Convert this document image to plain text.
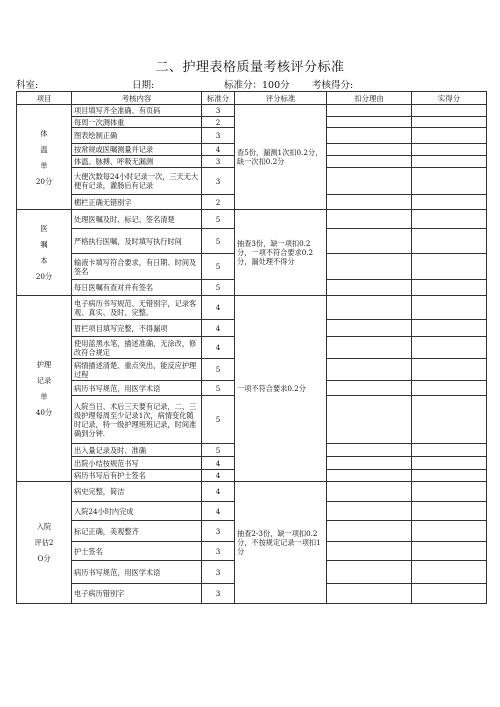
二、护理表格质量考核评分标准
科室:	日期:	标准分：100分 考核得分:
项目	考核内容	标准分	评分标准	扣分理由	实得分

体
温
单
20分	项目填写齐全准确、有页码	3	查5份，漏测1次扣0.2分，缺一次扣0.2分		
	每周一次测体重	2			
	图表绘制正确	3			
	按常规或医嘱测量并记录	4			
	体温、脉搏、呼吸无漏测	3			
	大便次数每24小时记录一次，三天无大便有记录，灌肠后有记录	3			
	楣栏正确无错别字	2			

医
嘱
本
20分	处理医嘱及时、标记、签名清楚	5	抽查3份，缺一项扣0.2分，一项不符合要求0.2分，漏处理不得分		
	严格执行医嘱，及时填写执行时间	5			
	输液卡填写符合要求，有日期、时间及签名	5			
	每日医嘱有查对并有签名	5			

护理
记录
单
40分	电子病历书写规范、无错别字，记录客观、真实、及时、完整。	4	一项不符合要求0.2分		
	眉栏项目填写完整，不得漏项	4			
	使用蓝黑水笔，描述准确、无涂改，修改符合规定	4			
	病情描述清楚、重点突出，能反应护理过程	5			
	病历书写规范，用医学术语	5			
	入院当日、术后三天要有记录，二、三级护理每周至少记录1次，病情变化随时记录，特一级护理班班记录，时间准确到分钟.	5			
	出入量记录及时、准确	5			
	出院小结按规范书写	4			
	病历书写后有护士签名	4			

入院
评估2
O分	病史完整，简洁	4	抽查2-3份，缺一项扣0.2分，不按规定记录一项扣1分		
	入院24小时内完成	4			
	标记正确，美观整齐	3			
	护士签名	3			
	病历书写规范，用医学术语	3			
	电子病历错别字	3			
